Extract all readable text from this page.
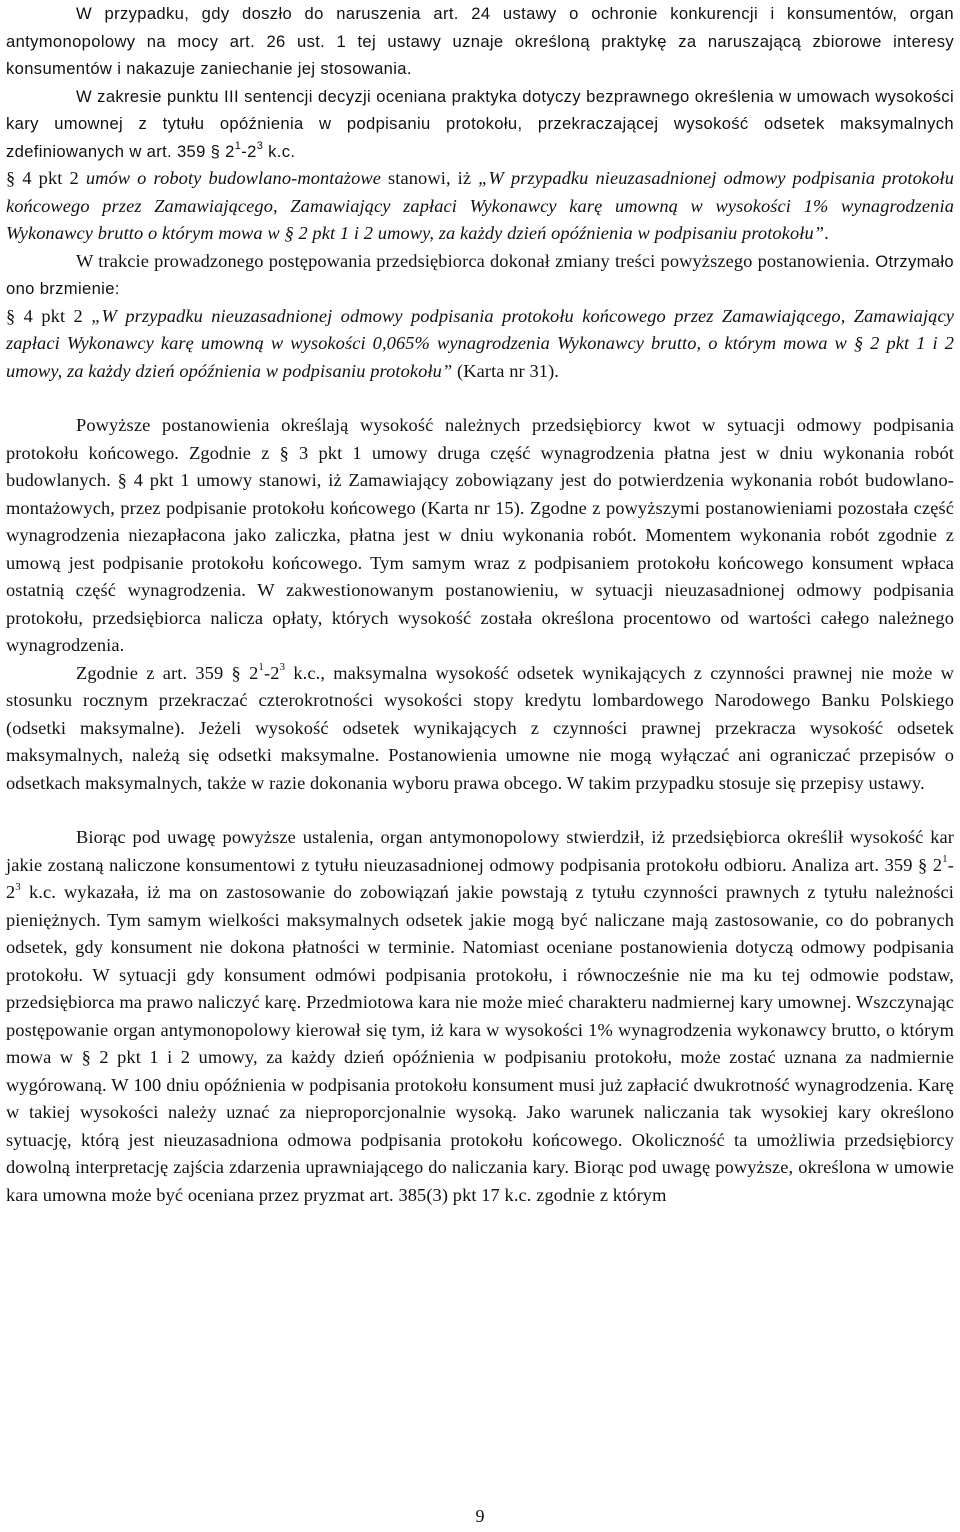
W przypadku, gdy doszło do naruszenia art. 24 ustawy o ochronie konkurencji i konsumentów, organ antymonopolowy na mocy art. 26 ust. 1 tej ustawy uznaje określoną praktykę za naruszającą zbiorowe interesy konsumentów i nakazuje zaniechanie jej stosowania.

W zakresie punktu III sentencji decyzji oceniana praktyka dotyczy bezprawnego określenia w umowach wysokości kary umownej z tytułu opóźnienia w podpisaniu protokołu, przekraczającej wysokość odsetek maksymalnych zdefiniowanych w art. 359 § $2^1-2^3$ k.c.

§ 4 pkt 2 umów o roboty budowlano-montażowe stanowi, iż „W przypadku nieuzasadnionej odmowy podpisania protokołu końcowego przez Zamawiającego, Zamawiający zapłaci Wykonawcy karę umowną w wysokości 1% wynagrodzenia Wykonawcy brutto o którym mowa w § 2 pkt 1 i 2 umowy, za każdy dzień opóźnienia w podpisaniu protokołu”.

W trakcie prowadzonego postępowania przedsiębiorca dokonał zmiany treści powyższego postanowienia. Otrzymało ono brzmienie:

§ 4 pkt 2 „W przypadku nieuzasadnionej odmowy podpisania protokołu końcowego przez Zamawiającego, Zamawiający zapłaci Wykonawcy karę umowną w wysokości 0,065% wynagrodzenia Wykonawcy brutto, o którym mowa w § 2 pkt 1 i 2 umowy, za każdy dzień opóźnienia w podpisaniu protokołu” (Karta nr 31).

Powyższe postanowienia określają wysokość należnych przedsiębiorcy kwot w sytuacji odmowy podpisania protokołu końcowego. Zgodnie z § 3 pkt 1 umowy druga część wynagrodzenia płatna jest w dniu wykonania robót budowlanych. § 4 pkt 1 umowy stanowi, iż Zamawiający zobowiązany jest do potwierdzenia wykonania robót budowlano-montażowych, przez podpisanie protokołu końcowego (Karta nr 15). Zgodne z powyższymi postanowieniami pozostała część wynagrodzenia niezapłacona jako zaliczka, płatna jest w dniu wykonania robót. Momentem wykonania robót zgodnie z umową jest podpisanie protokołu końcowego. Tym samym wraz z podpisaniem protokołu końcowego konsument wpłaca ostatnią część wynagrodzenia. W zakwestionowanym postanowieniu, w sytuacji nieuzasadnionej odmowy podpisania protokołu, przedsiębiorca nalicza opłaty, których wysokość została określona procentowo od wartości całego należnego wynagrodzenia.

Zgodnie z art. 359 § $2^1-2^3$ k.c., maksymalna wysokość odsetek wynikających z czynności prawnej nie może w stosunku rocznym przekraczać czterokrotności wysokości stopy kredytu lombardowego Narodowego Banku Polskiego (odsetki maksymalne). Jeżeli wysokość odsetek wynikających z czynności prawnej przekracza wysokość odsetek maksymalnych, należą się odsetki maksymalne. Postanowienia umowne nie mogą wyłączać ani ograniczać przepisów o odsetkach maksymalnych, także w razie dokonania wyboru prawa obcego. W takim przypadku stosuje się przepisy ustawy.

Biorąc pod uwagę powyższe ustalenia, organ antymonopolowy stwierdził, iż przedsiębiorca określił wysokość kar jakie zostaną naliczone konsumentowi z tytułu nieuzasadnionej odmowy podpisania protokołu odbioru. Analiza art. 359 § $2^1-2^3$ k.c. wykazała, iż ma on zastosowanie do zobowiązań jakie powstają z tytułu czynności prawnych z tytułu należności pieniężnych. Tym samym wielkości maksymalnych odsetek jakie mogą być naliczane mają zastosowanie, co do pobranych odsetek, gdy konsument nie dokona płatności w terminie. Natomiast oceniane postanowienia dotyczą odmowy podpisania protokołu. W sytuacji gdy konsument odmówi podpisania protokołu, i równocześnie nie ma ku tej odmowie podstaw, przedsiębiorca ma prawo naliczyć karę. Przedmiotowa kara nie może mieć charakteru nadmiernej kary umownej. Wszczynając postępowanie organ antymonopolowy kierował się tym, iż kara w wysokości 1% wynagrodzenia wykonawcy brutto, o którym mowa w § 2 pkt 1 i 2 umowy, za każdy dzień opóźnienia w podpisaniu protokołu, może zostać uznana za nadmiernie wygórowaną. W 100 dniu opóźnienia w podpisania protokołu konsument musi już zapłacić dwukrotność wynagrodzenia. Karę w takiej wysokości należy uznać za nieproporcjonalnie wysoką. Jako warunek naliczania tak wysokiej kary określono sytuację, którą jest nieuzasadniona odmowa podpisania protokołu końcowego. Okoliczność ta umożliwia przedsiębiorcy dowolną interpretację zajścia zdarzenia uprawniającego do naliczania kary. Biorąc pod uwagę powyższe, określona w umowie kara umowna może być oceniana przez pryzmat art. 385(3) pkt 17 k.c. zgodnie z którym

9
